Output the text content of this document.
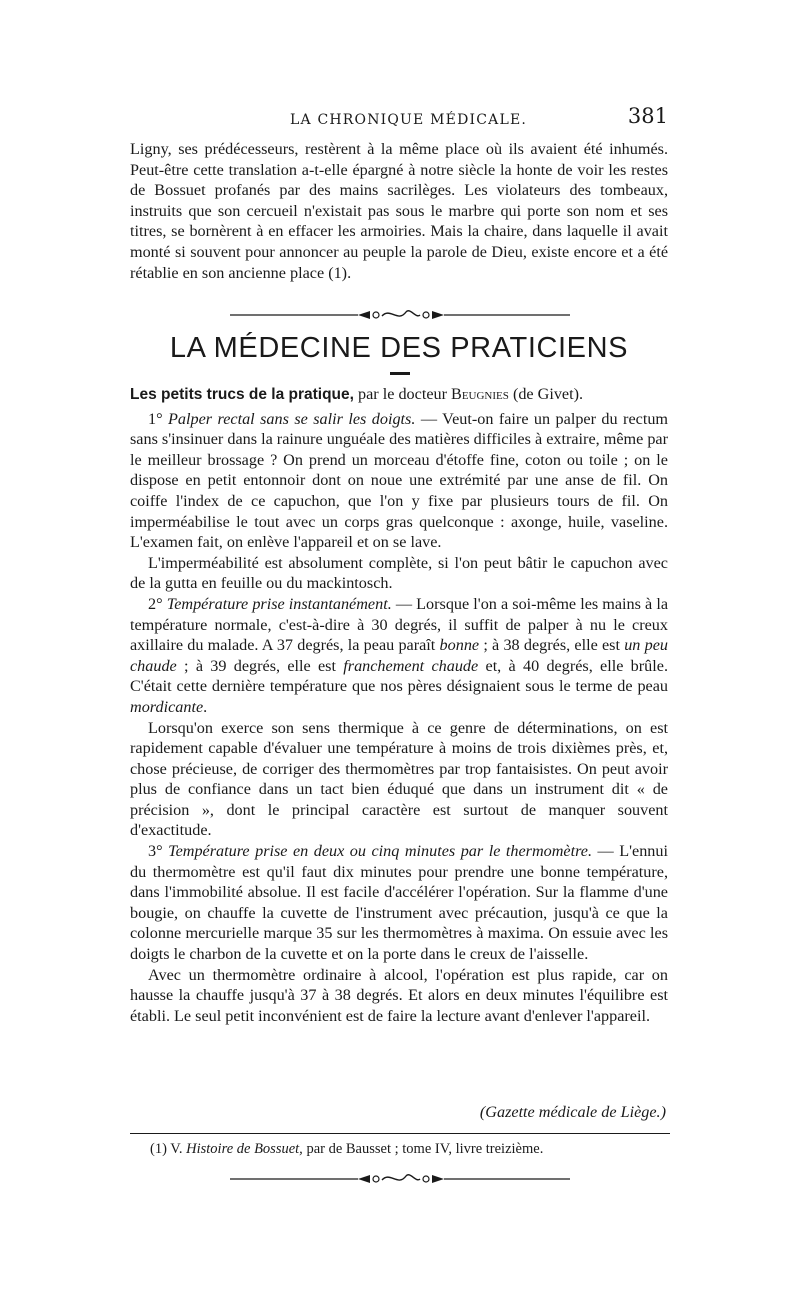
LA CHRONIQUE MÉDICALE.	381

Ligny, ses prédécesseurs, restèrent à la même place où ils avaient été inhumés. Peut-être cette translation a-t-elle épargné à notre siècle la honte de voir les restes de Bossuet profanés par des mains sacrilèges. Les violateurs des tombeaux, instruits que son cercueil n'existait pas sous le marbre qui porte son nom et ses titres, se bornèrent à en effacer les armoiries. Mais la chaire, dans laquelle il avait monté si souvent pour annoncer au peuple la parole de Dieu, existe encore et a été rétablie en son ancienne place (1).

LA MÉDECINE DES PRATICIENS

Les petits trucs de la pratique, par le docteur Beugnies (de Givet).

1° Palper rectal sans se salir les doigts. — Veut-on faire un palper du rectum sans s'insinuer dans la rainure unguéale des matières difficiles à extraire, même par le meilleur brossage ? On prend un morceau d'étoffe fine, coton ou toile ; on le dispose en petit entonnoir dont on noue une extrémité par une anse de fil. On coiffe l'index de ce capuchon, que l'on y fixe par plusieurs tours de fil. On imperméabilise le tout avec un corps gras quelconque : axonge, huile, vaseline. L'examen fait, on enlève l'appareil et on se lave.

L'imperméabilité est absolument complète, si l'on peut bâtir le capuchon avec de la gutta en feuille ou du mackintosch.

2° Température prise instantanément. — Lorsque l'on a soi-même les mains à la température normale, c'est-à-dire à 30 degrés, il suffit de palper à nu le creux axillaire du malade. A 37 degrés, la peau paraît bonne ; à 38 degrés, elle est un peu chaude ; à 39 degrés, elle est franchement chaude et, à 40 degrés, elle brûle. C'était cette dernière température que nos pères désignaient sous le terme de peau mordicante.

Lorsqu'on exerce son sens thermique à ce genre de déterminations, on est rapidement capable d'évaluer une température à moins de trois dixièmes près, et, chose précieuse, de corriger des thermomètres par trop fantaisistes. On peut avoir plus de confiance dans un tact bien éduqué que dans un instrument dit « de précision », dont le principal caractère est surtout de manquer souvent d'exactitude.

3° Température prise en deux ou cinq minutes par le thermomètre. — L'ennui du thermomètre est qu'il faut dix minutes pour prendre une bonne température, dans l'immobilité absolue. Il est facile d'accélérer l'opération. Sur la flamme d'une bougie, on chauffe la cuvette de l'instrument avec précaution, jusqu'à ce que la colonne mercurielle marque 35 sur les thermomètres à maxima. On essuie avec les doigts le charbon de la cuvette et on la porte dans le creux de l'aisselle.

Avec un thermomètre ordinaire à alcool, l'opération est plus rapide, car on hausse la chauffe jusqu'à 37 à 38 degrés. Et alors en deux minutes l'équilibre est établi. Le seul petit inconvénient est de faire la lecture avant d'enlever l'appareil.

(Gazette médicale de Liège.)
(1) V. Histoire de Bossuet, par de Bausset ; tome IV, livre treizième.
